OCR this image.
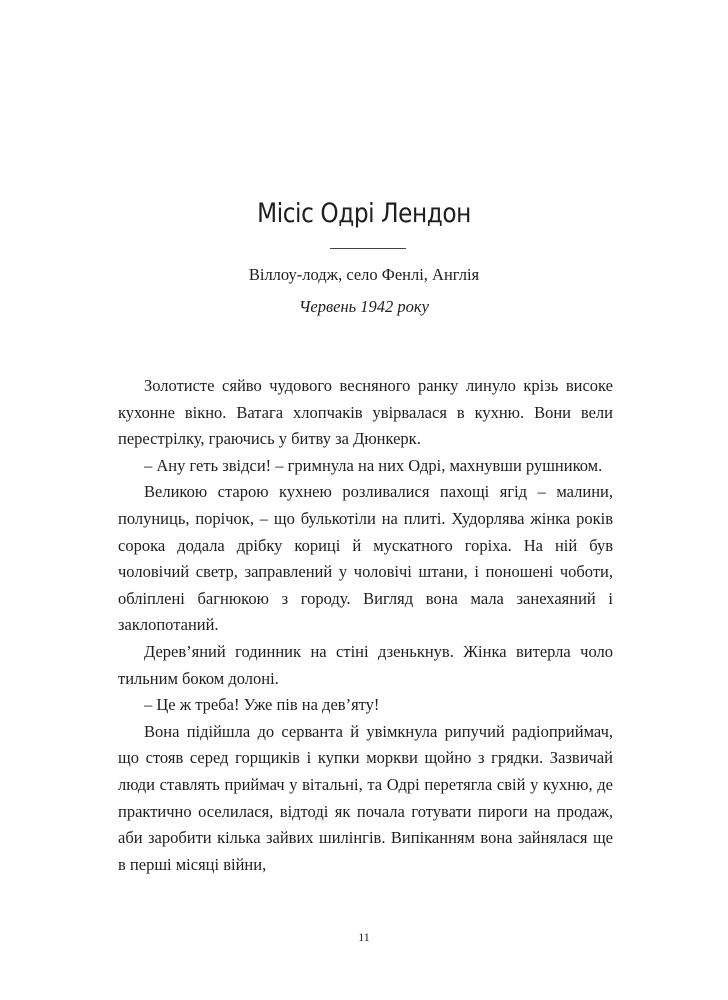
Місіс Одрі Лендон

Віллоу-лодж, село Фенлі, Англія

Червень 1942 року

Золотисте сяйво чудового весняного ранку линуло крізь високе кухонне вікно. Ватага хлопчаків увірвалася в кухню. Вони вели перестрілку, граючись у битву за Дюнкерк.

– Ану геть звідси! – гримнула на них Одрі, махнувши рушником.

Великою старою кухнею розливалися пахощі ягід – малини, полуниць, порічок, – що булькотіли на плиті. Худорлява жінка років сорока додала дрібку кориці й мускатного горіха. На ній був чоловічий светр, заправлений у чоловічі штани, і поношені чоботи, обліплені багнюкою з городу. Вигляд вона мала занехаяний і заклопотаний.

Дерев’яний годинник на стіні дзенькнув. Жінка витерла чоло тильним боком долоні.

– Це ж треба! Уже пів на дев’яту!

Вона підійшла до серванта й увімкнула рипучий радіоприймач, що стояв серед горщиків і купки моркви щойно з грядки. Зазвичай люди ставлять приймач у вітальні, та Одрі перетягла свій у кухню, де практично оселилася, відтоді як почала готувати пироги на продаж, аби заробити кілька зайвих шилінгів. Випіканням вона зайнялася ще в перші місяці війни,

11
